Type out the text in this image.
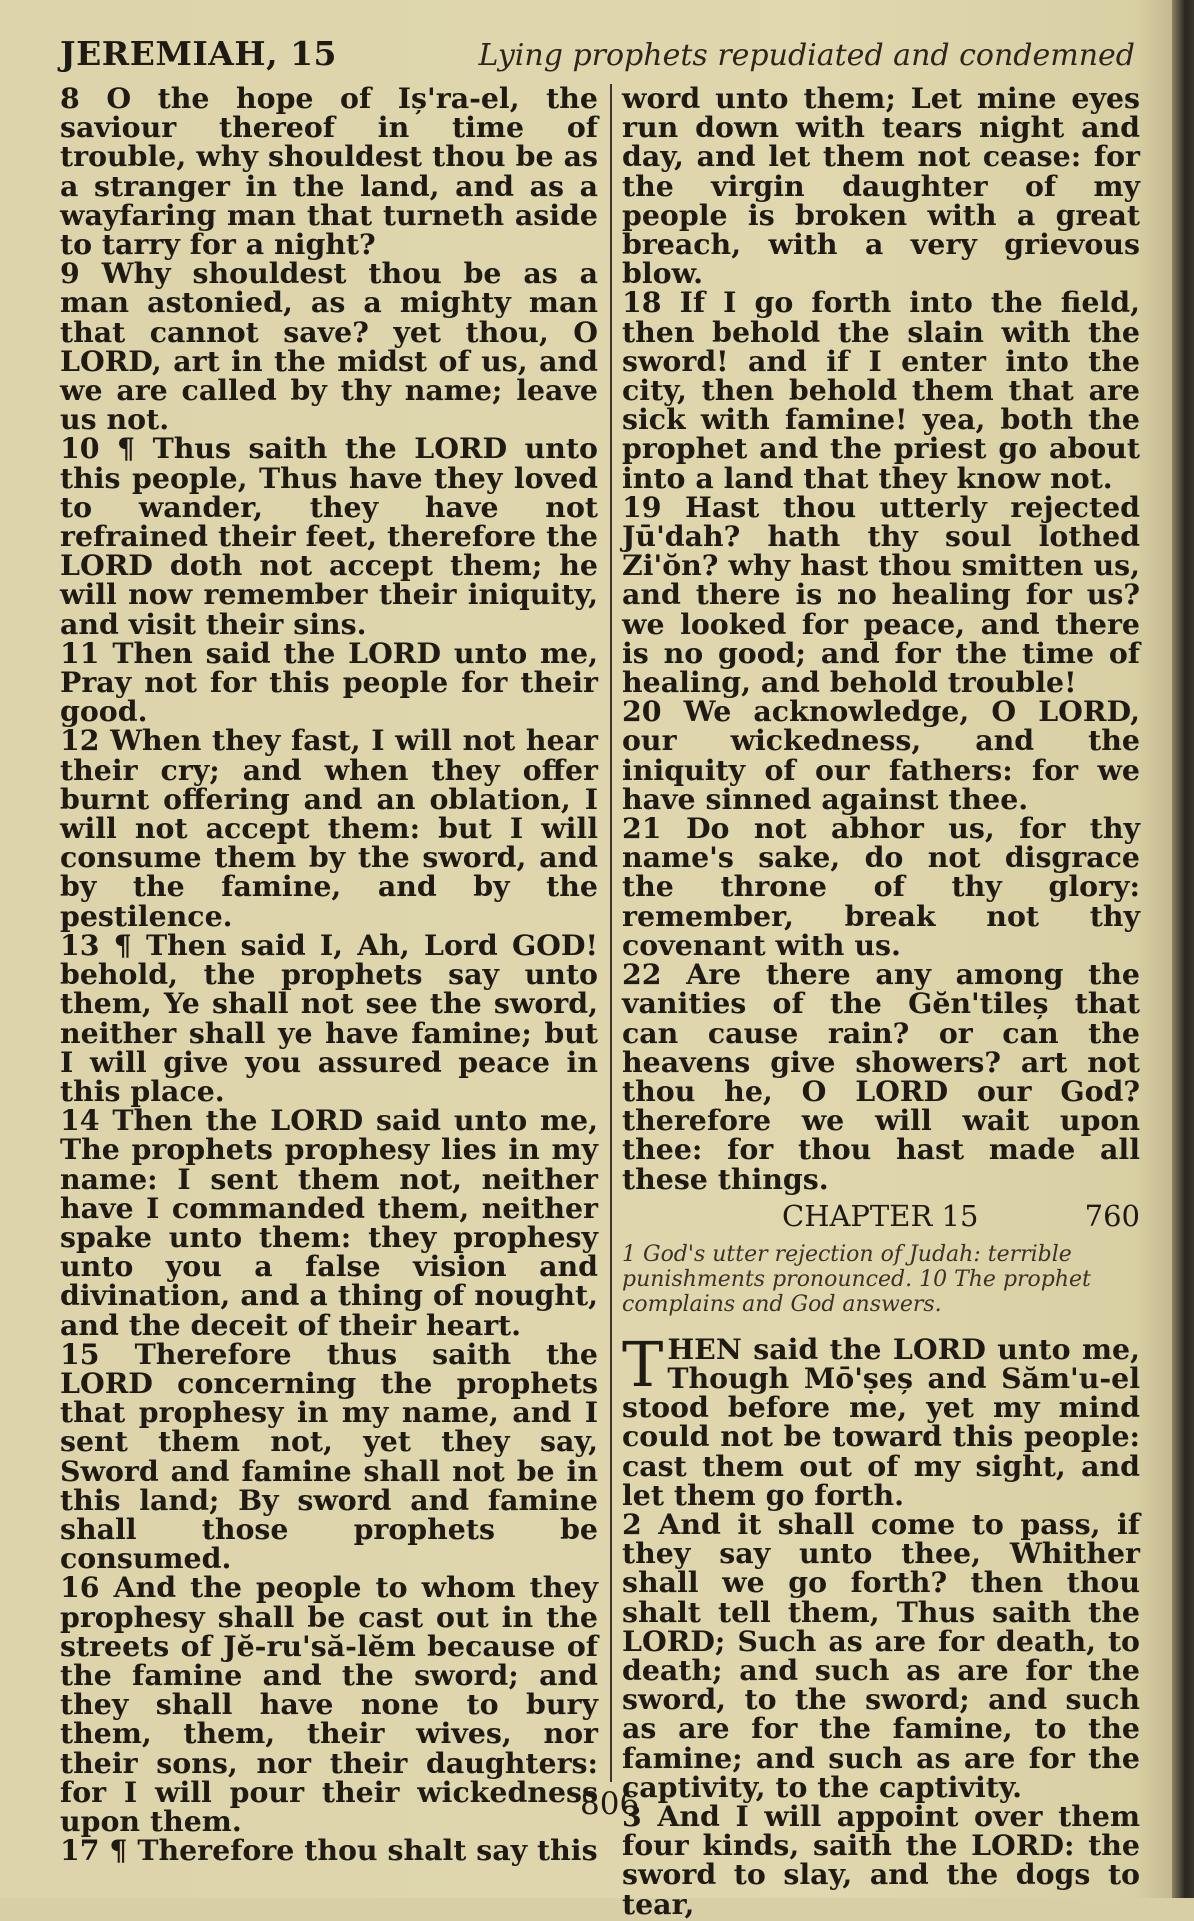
JEREMIAH, 15	Lying prophets repudiated and condemned

8 O the hope of Iș'ra-el, the saviour thereof in time of trouble, why shouldest thou be as a stranger in the land, and as a wayfaring man that turneth aside to tarry for a night?

9 Why shouldest thou be as a man astonied, as a mighty man that cannot save? yet thou, O LORD, art in the midst of us, and we are called by thy name; leave us not.

10 ¶ Thus saith the LORD unto this people, Thus have they loved to wander, they have not refrained their feet, therefore the LORD doth not accept them; he will now remember their iniquity, and visit their sins.

11 Then said the LORD unto me, Pray not for this people for their good.

12 When they fast, I will not hear their cry; and when they offer burnt offering and an oblation, I will not accept them: but I will consume them by the sword, and by the famine, and by the pestilence.

13 ¶ Then said I, Ah, Lord GOD! behold, the prophets say unto them, Ye shall not see the sword, neither shall ye have famine; but I will give you assured peace in this place.

14 Then the LORD said unto me, The prophets prophesy lies in my name: I sent them not, neither have I commanded them, neither spake unto them: they prophesy unto you a false vision and divination, and a thing of nought, and the deceit of their heart.

15 Therefore thus saith the LORD concerning the prophets that prophesy in my name, and I sent them not, yet they say, Sword and famine shall not be in this land; By sword and famine shall those prophets be consumed.

16 And the people to whom they prophesy shall be cast out in the streets of Jĕ-ru'să-lĕm because of the famine and the sword; and they shall have none to bury them, them, their wives, nor their sons, nor their daughters: for I will pour their wickedness upon them.

17 ¶ Therefore thou shalt say this

word unto them; Let mine eyes run down with tears night and day, and let them not cease: for the virgin daughter of my people is broken with a great breach, with a very grievous blow.

18 If I go forth into the field, then behold the slain with the sword! and if I enter into the city, then behold them that are sick with famine! yea, both the prophet and the priest go about into a land that they know not.

19 Hast thou utterly rejected Jū'dah? hath thy soul lothed Zi'ŏn? why hast thou smitten us, and there is no healing for us? we looked for peace, and there is no good; and for the time of healing, and behold trouble!

20 We acknowledge, O LORD, our wickedness, and the iniquity of our fathers: for we have sinned against thee.

21 Do not abhor us, for thy name's sake, do not disgrace the throne of thy glory: remember, break not thy covenant with us.

22 Are there any among the vanities of the Gĕn'tileș that can cause rain? or can the heavens give showers? art not thou he, O LORD our God? therefore we will wait upon thee: for thou hast made all these things.

CHAPTER 15	760

1 God's utter rejection of Judah: terrible punishments pronounced. 10 The prophet complains and God answers.

THEN said the LORD unto me, Though Mō'ṣeș and Săm'u-el stood before me, yet my mind could not be toward this people: cast them out of my sight, and let them go forth.

2 And it shall come to pass, if they say unto thee, Whither shall we go forth? then thou shalt tell them, Thus saith the LORD; Such as are for death, to death; and such as are for the sword, to the sword; and such as are for the famine, to the famine; and such as are for the captivity, to the captivity.

3 And I will appoint over them four kinds, saith the LORD: the sword to slay, and the dogs to tear,

806
